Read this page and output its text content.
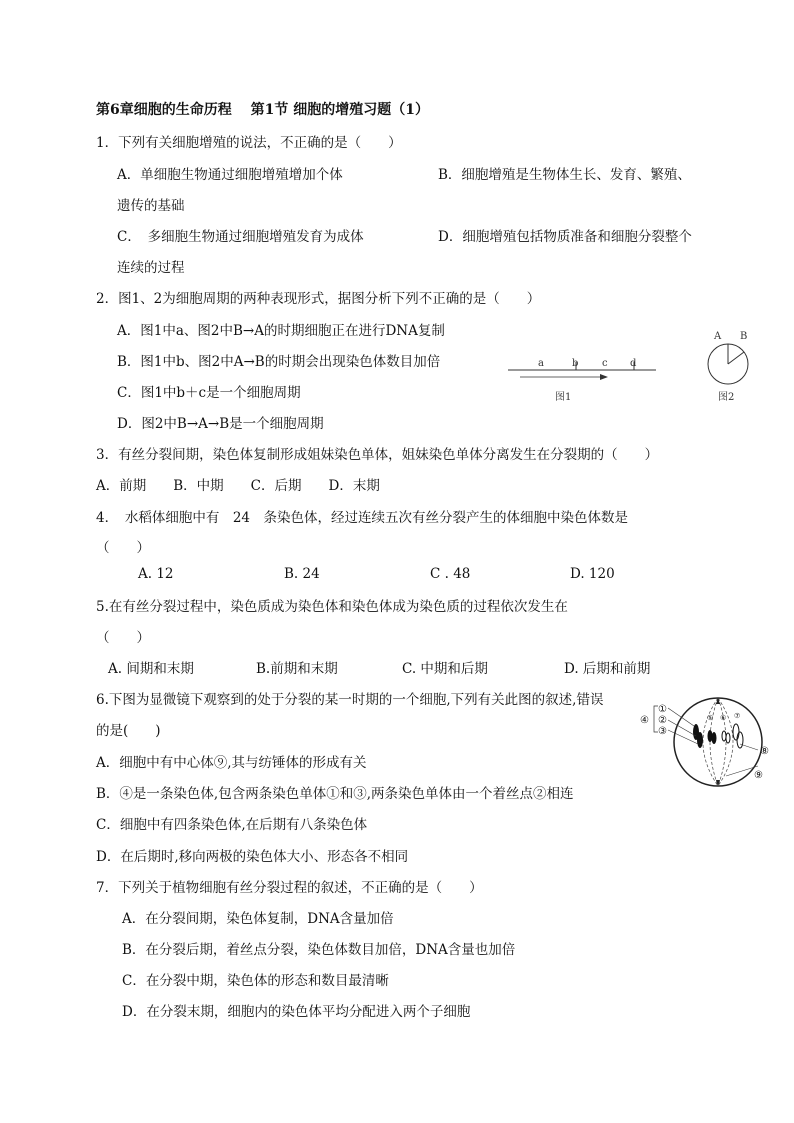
第6章细胞的生命历程　 第1节 细胞的增殖习题（1）
1．下列有关细胞增殖的说法，不正确的是（　　）
A．单细胞生物通过细胞增殖增加个体	B．细胞增殖是生物体生长、发育、繁殖、
遗传的基础
C．　多细胞生物通过细胞增殖发育为成体	D．细胞增殖包括物质准备和细胞分裂整个
连续的过程
2．图1、2为细胞周期的两种表现形式，据图分析下列不正确的是（　　）
A．图1中a、图2中B→A的时期细胞正在进行DNA复制
B．图1中b、图2中A→B的时期会出现染色体数目加倍
C．图1中b＋c是一个细胞周期
D．图2中B→A→B是一个细胞周期
a	b c d
图1
A B
图2
3．有丝分裂间期，染色体复制形成姐妹染色单体，姐妹染色单体分离发生在分裂期的（　　）
A．前期　　B．中期　　C．后期　　D．末期
4．　水稻体细胞中有　24　条染色体，经过连续五次有丝分裂产生的体细胞中染色体数是
（　　）
A. 12	B. 24	C . 48	D. 120
5.在有丝分裂过程中，染色质成为染色体和染色体成为染色质的过程依次发生在
（　　）
A. 间期和末期	B.前期和末期	C. 中期和后期	D. 后期和前期
6.下图为显微镜下观察到的处于分裂的某一时期的一个细胞,下列有关此图的叙述,错误
的是(　　)
A．细胞中有中心体⑨,其与纺锤体的形成有关
B．④是一条染色体,包含两条染色单体①和③,两条染色单体由一个着丝点②相连
C．细胞中有四条染色体,在后期有八条染色体
D．在后期时,移向两极的染色体大小、形态各不相同
①
②
③
④	⑤ ⑥ ⑦
⑧
⑨
7．下列关于植物细胞有丝分裂过程的叙述，不正确的是（　　）
A．在分裂间期，染色体复制，DNA含量加倍
B．在分裂后期，着丝点分裂，染色体数目加倍，DNA含量也加倍
C．在分裂中期，染色体的形态和数目最清晰
D．在分裂末期，细胞内的染色体平均分配进入两个子细胞
